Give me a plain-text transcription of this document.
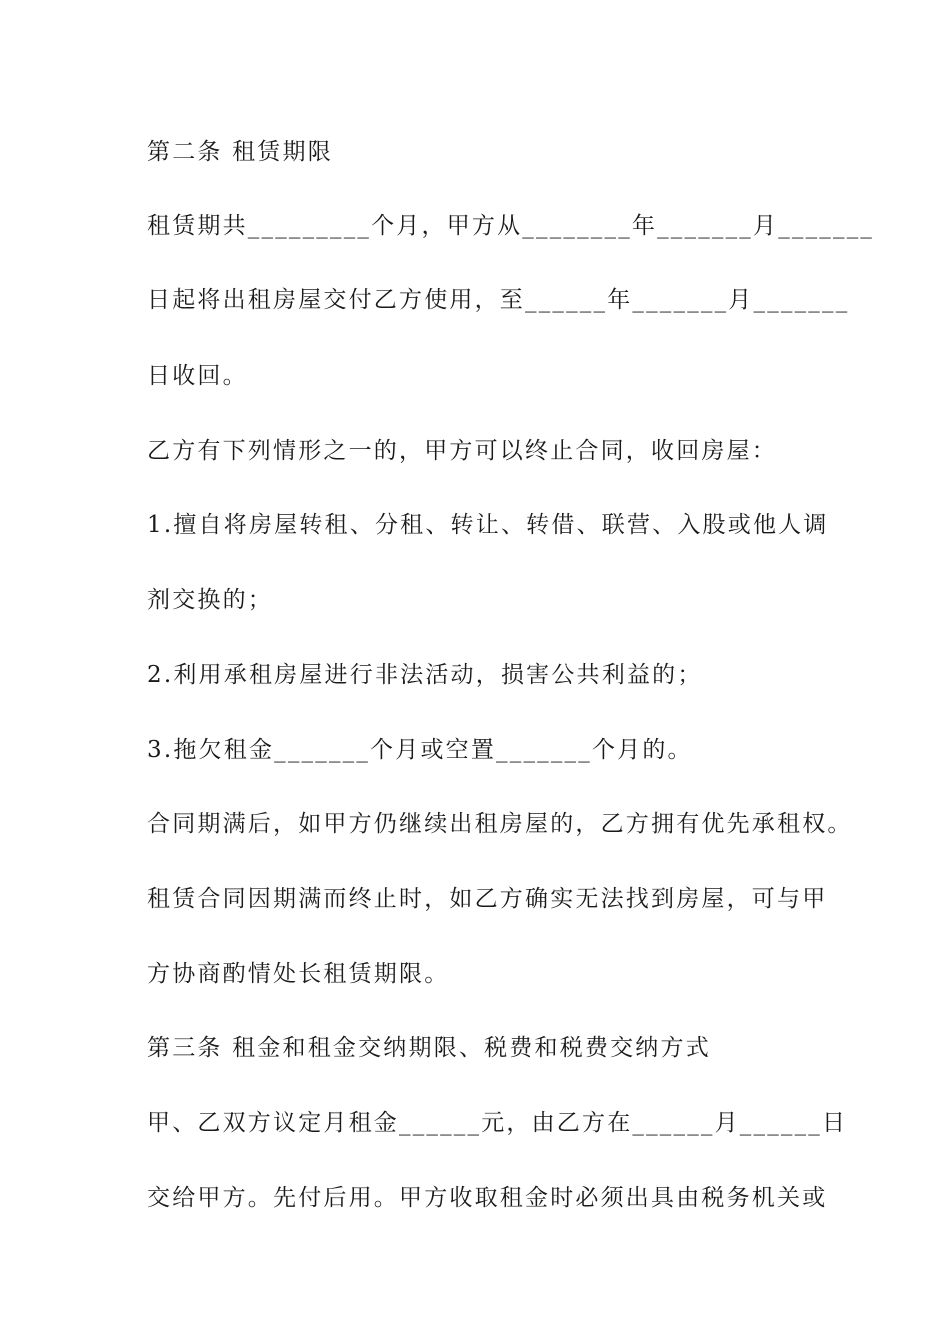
第二条 租赁期限
租赁期共_________个月，甲方从________年_______月_______
日起将出租房屋交付乙方使用，至______年_______月_______
日收回。
乙方有下列情形之一的，甲方可以终止合同，收回房屋：
1.擅自将房屋转租、分租、转让、转借、联营、入股或他人调
剂交换的；
2.利用承租房屋进行非法活动，损害公共利益的；
3.拖欠租金_______个月或空置_______个月的。
合同期满后，如甲方仍继续出租房屋的，乙方拥有优先承租权。
租赁合同因期满而终止时，如乙方确实无法找到房屋，可与甲
方协商酌情处长租赁期限。
第三条 租金和租金交纳期限、税费和税费交纳方式
甲、乙双方议定月租金______元，由乙方在______月______日
交给甲方。先付后用。甲方收取租金时必须出具由税务机关或
